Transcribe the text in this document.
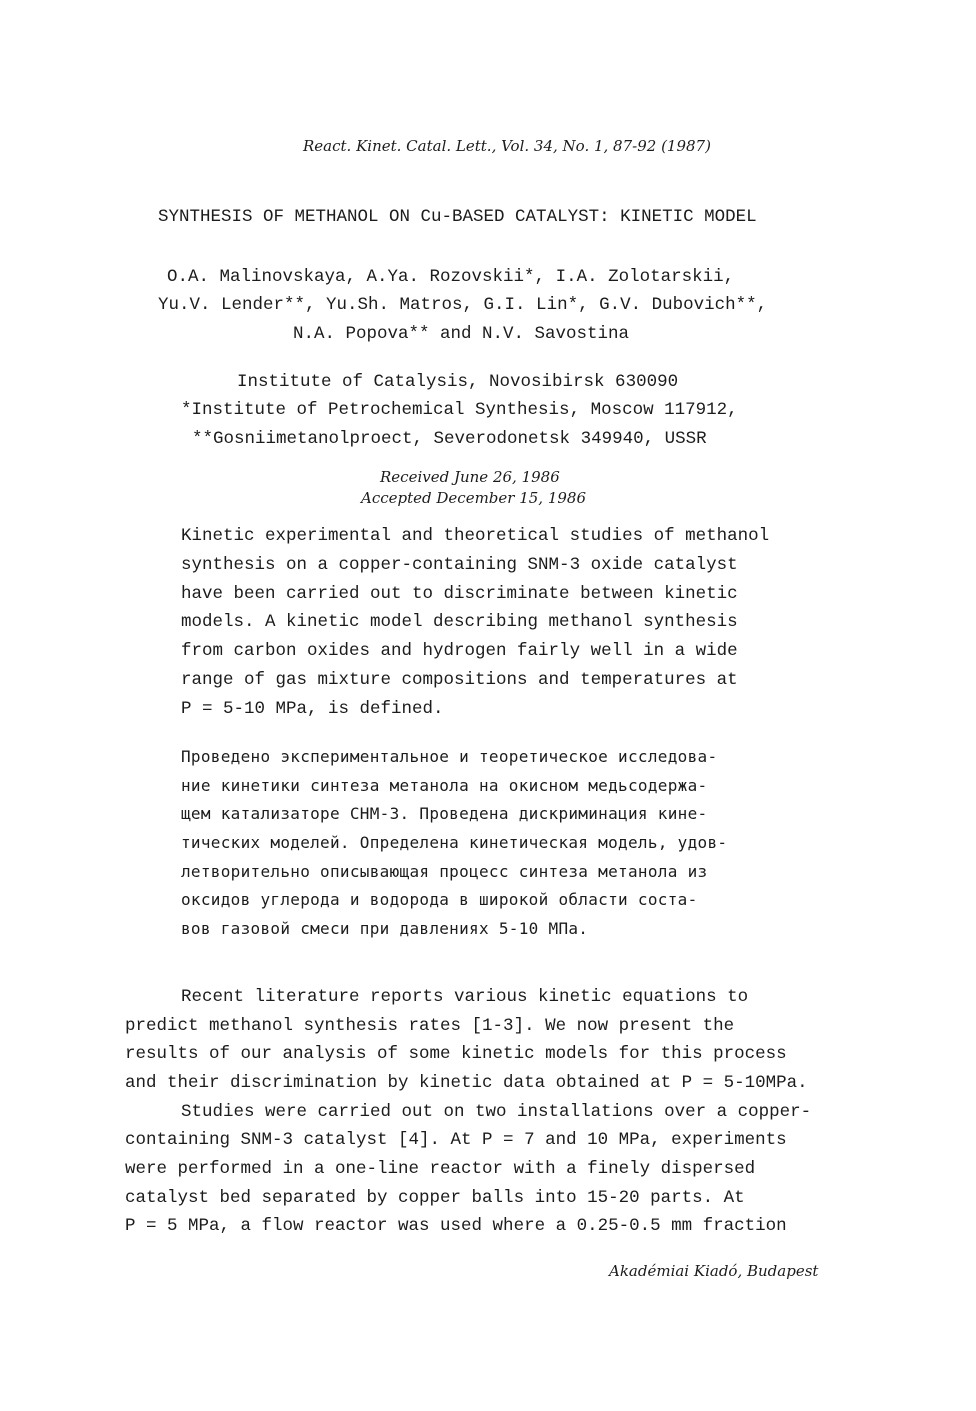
React. Kinet. Catal. Lett., Vol. 34, No. 1, 87-92 (1987)
SYNTHESIS OF METHANOL ON Cu-BASED CATALYST: KINETIC MODEL
O.A. Malinovskaya, A.Ya. Rozovskii*, I.A. Zolotarskii,
Yu.V. Lender**, Yu.Sh. Matros, G.I. Lin*, G.V. Dubovich**,
N.A. Popova** and N.V. Savostina
Institute of Catalysis, Novosibirsk 630090
*Institute of Petrochemical Synthesis, Moscow 117912,
**Gosniimetanolproect, Severodonetsk 349940, USSR
Received June 26, 1986
Accepted December 15, 1986
Kinetic experimental and theoretical studies of methanol
synthesis on a copper-containing SNM-3 oxide catalyst
have been carried out to discriminate between kinetic
models. A kinetic model describing methanol synthesis
from carbon oxides and hydrogen fairly well in a wide
range of gas mixture compositions and temperatures at
P = 5-10 MPa, is defined.
Проведено экспериментальное и теоретическое исследова-
ние кинетики синтеза метанола на окисном медьсодержа-
щем катализаторе СНМ-3. Проведена дискриминация кине-
тических моделей. Определена кинетическая модель, удов-
летворительно описывающая процесс синтеза метанола из
оксидов углерода и водорода в широкой области соста-
вов газовой смеси при давлениях 5-10 МПа.
Recent literature reports various kinetic equations to
predict methanol synthesis rates [1-3]. We now present the
results of our analysis of some kinetic models for this process
and their discrimination by kinetic data obtained at P = 5-10MPa.
Studies were carried out on two installations over a copper-
containing SNM-3 catalyst [4]. At P = 7 and 10 MPa, experiments
were performed in a one-line reactor with a finely dispersed
catalyst bed separated by copper balls into 15-20 parts. At
P = 5 MPa, a flow reactor was used where a 0.25-0.5 mm fraction
Akadémiai Kiadó, Budapest
